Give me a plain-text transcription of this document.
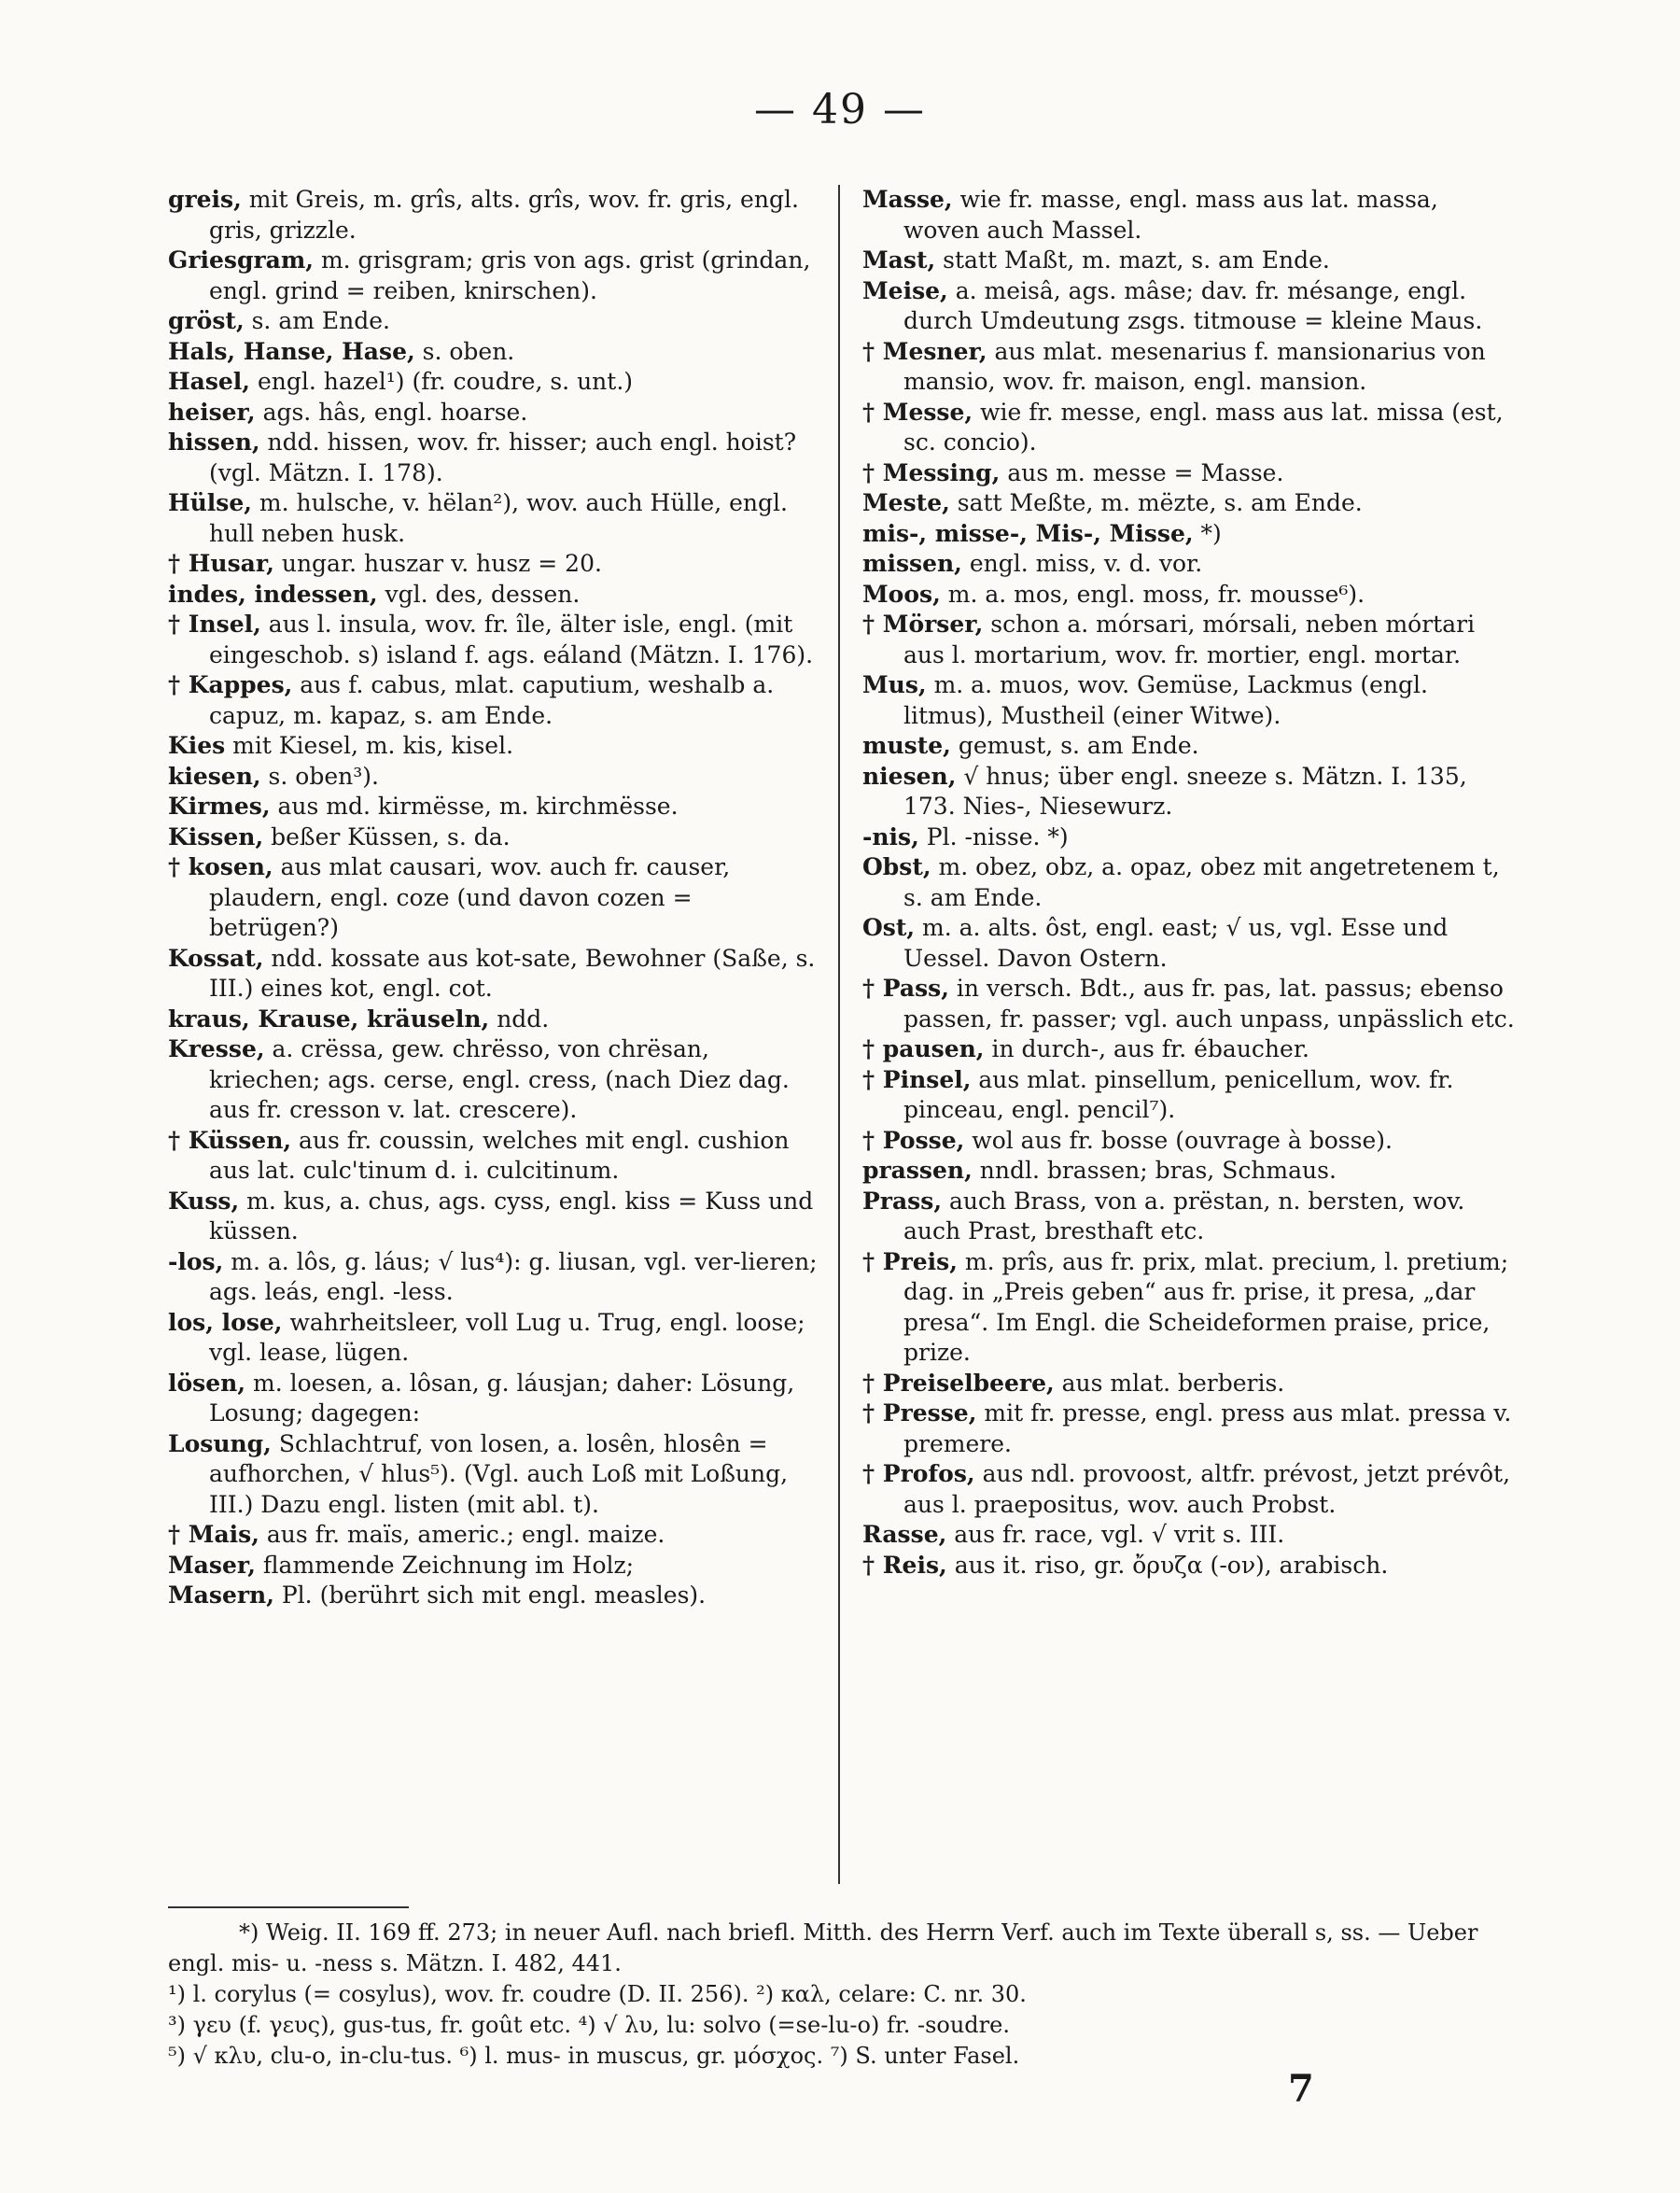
— 49 —

greis, mit Greis, m. grîs, alts. grîs, wov. fr. gris, engl. gris, grizzle.

Griesgram, m. grisgram; gris von ags. grist (grindan, engl. grind = reiben, knirschen).

gröst, s. am Ende.

Hals, Hanse, Hase, s. oben.

Hasel, engl. hazel¹) (fr. coudre, s. unt.)

heiser, ags. hâs, engl. hoarse.

hissen, ndd. hissen, wov. fr. hisser; auch engl. hoist? (vgl. Mätzn. I. 178).

Hülse, m. hulsche, v. hëlan²), wov. auch Hülle, engl. hull neben husk.

† Husar, ungar. huszar v. husz = 20.

indes, indessen, vgl. des, dessen.

† Insel, aus l. insula, wov. fr. île, älter isle, engl. (mit eingeschob. s) island f. ags. eáland (Mätzn. I. 176).

† Kappes, aus f. cabus, mlat. caputium, weshalb a. capuz, m. kapaz, s. am Ende.

Kies mit Kiesel, m. kis, kisel.

kiesen, s. oben³).

Kirmes, aus md. kirmësse, m. kirchmësse.

Kissen, beßer Küssen, s. da.

† kosen, aus mlat causari, wov. auch fr. causer, plaudern, engl. coze (und davon cozen = betrügen?)

Kossat, ndd. kossate aus kot-sate, Bewohner (Saße, s. III.) eines kot, engl. cot.

kraus, Krause, kräuseln, ndd.

Kresse, a. crëssa, gew. chrësso, von chrësan, kriechen; ags. cerse, engl. cress, (nach Diez dag. aus fr. cresson v. lat. crescere).

† Küssen, aus fr. coussin, welches mit engl. cushion aus lat. culc'tinum d. i. culcitinum.

Kuss, m. kus, a. chus, ags. cyss, engl. kiss = Kuss und küssen.

-los, m. a. lôs, g. láus; √ lus⁴): g. liusan, vgl. ver-lieren; ags. leás, engl. -less.

los, lose, wahrheitsleer, voll Lug u. Trug, engl. loose; vgl. lease, lügen.

lösen, m. loesen, a. lôsan, g. láusjan; daher: Lösung, Losung; dagegen:

Losung, Schlachtruf, von losen, a. losên, hlosên = aufhorchen, √ hlus⁵). (Vgl. auch Loß mit Loßung, III.) Dazu engl. listen (mit abl. t).

† Mais, aus fr. maïs, americ.; engl. maize.

Maser, flammende Zeichnung im Holz;

Masern, Pl. (berührt sich mit engl. measles).

Masse, wie fr. masse, engl. mass aus lat. massa, woven auch Massel.

Mast, statt Maßt, m. mazt, s. am Ende.

Meise, a. meisâ, ags. mâse; dav. fr. mésange, engl. durch Umdeutung zsgs. titmouse = kleine Maus.

† Mesner, aus mlat. mesenarius f. mansionarius von mansio, wov. fr. maison, engl. mansion.

† Messe, wie fr. messe, engl. mass aus lat. missa (est, sc. concio).

† Messing, aus m. messe = Masse.

Meste, satt Meßte, m. mëzte, s. am Ende.

mis-, misse-, Mis-, Misse, *)

missen, engl. miss, v. d. vor.

Moos, m. a. mos, engl. moss, fr. mousse⁶).

† Mörser, schon a. mórsari, mórsali, neben mórtari aus l. mortarium, wov. fr. mortier, engl. mortar.

Mus, m. a. muos, wov. Gemüse, Lackmus (engl. litmus), Mustheil (einer Witwe).

muste, gemust, s. am Ende.

niesen, √ hnus; über engl. sneeze s. Mätzn. I. 135, 173. Nies-, Niesewurz.

-nis, Pl. -nisse. *)

Obst, m. obez, obz, a. opaz, obez mit angetretenem t, s. am Ende.

Ost, m. a. alts. ôst, engl. east; √ us, vgl. Esse und Uessel. Davon Ostern.

† Pass, in versch. Bdt., aus fr. pas, lat. passus; ebenso passen, fr. passer; vgl. auch unpass, unpässlich etc.

† pausen, in durch-, aus fr. ébaucher.

† Pinsel, aus mlat. pinsellum, penicellum, wov. fr. pinceau, engl. pencil⁷).

† Posse, wol aus fr. bosse (ouvrage à bosse).

prassen, nndl. brassen; bras, Schmaus.

Prass, auch Brass, von a. prëstan, n. bersten, wov. auch Prast, bresthaft etc.

† Preis, m. prîs, aus fr. prix, mlat. precium, l. pretium; dag. in „Preis geben“ aus fr. prise, it presa, „dar presa“. Im Engl. die Scheideformen praise, price, prize.

† Preiselbeere, aus mlat. berberis.

† Presse, mit fr. presse, engl. press aus mlat. pressa v. premere.

† Profos, aus ndl. provoost, altfr. prévost, jetzt prévôt, aus l. praepositus, wov. auch Probst.

Rasse, aus fr. race, vgl. √ vrit s. III.

† Reis, aus it. riso, gr. ὄρυζα (-ον), arabisch.

*) Weig. II. 169 ff. 273; in neuer Aufl. nach briefl. Mitth. des Herrn Verf. auch im Texte überall s, ss. — Ueber engl. mis- u. -ness s. Mätzn. I. 482, 441.

¹) l. corylus (= cosylus), wov. fr. coudre (D. II. 256). ²) καλ, celare: C. nr. 30.

³) γευ (f. γευς), gus-tus, fr. goût etc. ⁴) √ λυ, lu: solvo (=se-lu-o) fr. -soudre.

⁵) √ κλυ, clu-o, in-clu-tus. ⁶) l. mus- in muscus, gr. μόσχος. ⁷) S. unter Fasel.

7
